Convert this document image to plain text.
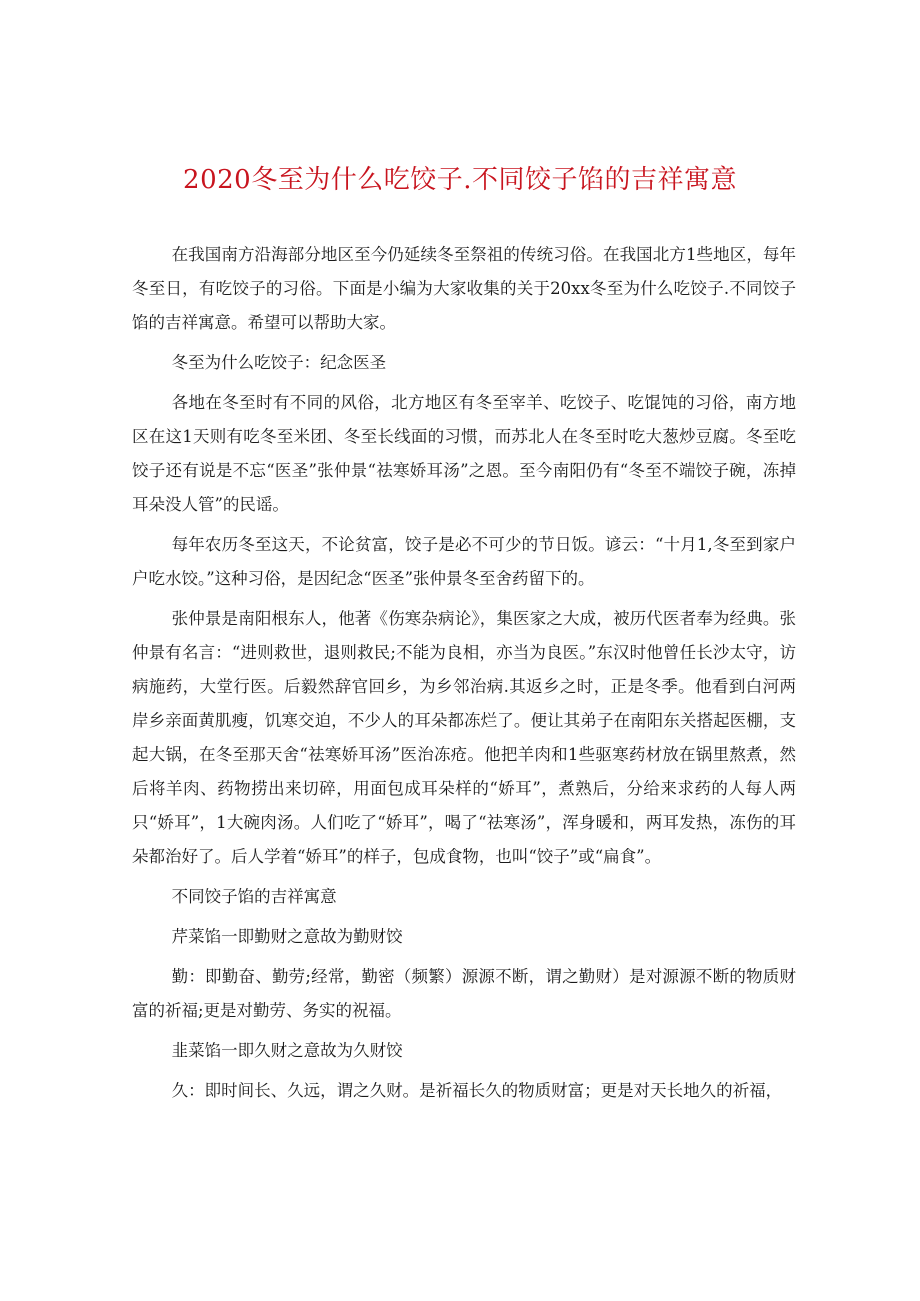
2020冬至为什么吃饺子.不同饺子馅的吉祥寓意

在我国南方沿海部分地区至今仍延续冬至祭祖的传统习俗。在我国北方1些地区，每年冬至日，有吃饺子的习俗。下面是小编为大家收集的关于20xx冬至为什么吃饺子.不同饺子馅的吉祥寓意。希望可以帮助大家。

冬至为什么吃饺子：纪念医圣

各地在冬至时有不同的风俗，北方地区有冬至宰羊、吃饺子、吃馄饨的习俗，南方地区在这1天则有吃冬至米团、冬至长线面的习惯，而苏北人在冬至时吃大葱炒豆腐。冬至吃饺子还有说是不忘“医圣”张仲景“祛寒娇耳汤”之恩。至今南阳仍有“冬至不端饺子碗，冻掉耳朵没人管”的民谣。

每年农历冬至这天，不论贫富，饺子是必不可少的节日饭。谚云：“十月1,冬至到家户户吃水饺。”这种习俗，是因纪念“医圣”张仲景冬至舍药留下的。

张仲景是南阳根东人，他著《伤寒杂病论》，集医家之大成，被历代医者奉为经典。张仲景有名言：“进则救世，退则救民;不能为良相，亦当为良医。”东汉时他曾任长沙太守，访病施药，大堂行医。后毅然辞官回乡，为乡邻治病.其返乡之时，正是冬季。他看到白河两岸乡亲面黄肌瘦，饥寒交迫，不少人的耳朵都冻烂了。便让其弟子在南阳东关搭起医棚，支起大锅，在冬至那天舍“祛寒娇耳汤”医治冻疮。他把羊肉和1些驱寒药材放在锅里熬煮，然后将羊肉、药物捞出来切碎，用面包成耳朵样的“娇耳”，煮熟后，分给来求药的人每人两只“娇耳”，1大碗肉汤。人们吃了“娇耳”，喝了“祛寒汤”，浑身暖和，两耳发热，冻伤的耳朵都治好了。后人学着“娇耳”的样子，包成食物，也叫“饺子”或“扁食”。

不同饺子馅的吉祥寓意

芹菜馅一即勤财之意故为勤财饺

勤：即勤奋、勤劳;经常，勤密（频繁）源源不断，谓之勤财）是对源源不断的物质财富的祈福;更是对勤劳、务实的祝福。

韭菜馅一即久财之意故为久财饺

久：即时间长、久远，谓之久财。是祈福长久的物质财富；更是对天长地久的祈福，
